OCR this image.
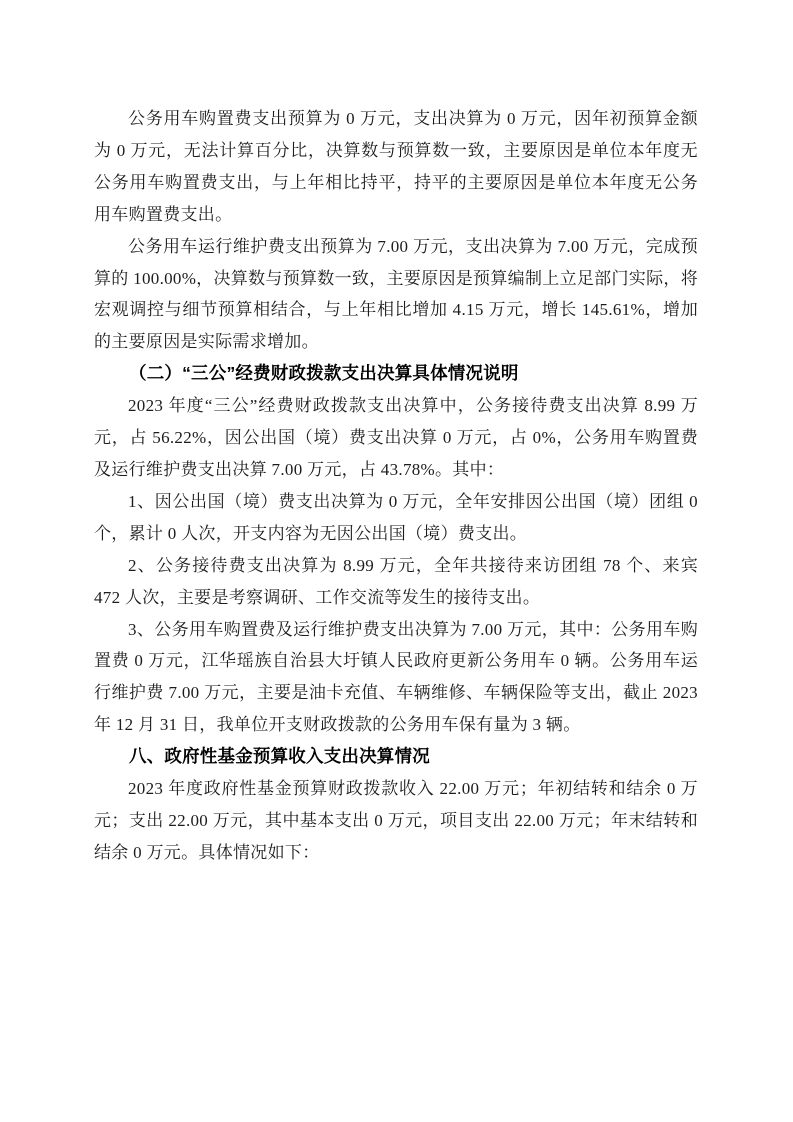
公务用车购置费支出预算为 0 万元，支出决算为 0 万元，因年初预算金额为 0 万元，无法计算百分比，决算数与预算数一致，主要原因是单位本年度无公务用车购置费支出，与上年相比持平，持平的主要原因是单位本年度无公务用车购置费支出。

公务用车运行维护费支出预算为 7.00 万元，支出决算为 7.00 万元，完成预算的 100.00%，决算数与预算数一致，主要原因是预算编制上立足部门实际，将宏观调控与细节预算相结合，与上年相比增加 4.15 万元，增长 145.61%，增加的主要原因是实际需求增加。

（二）“三公”经费财政拨款支出决算具体情况说明

2023 年度“三公”经费财政拨款支出决算中，公务接待费支出决算 8.99 万元，占 56.22%，因公出国（境）费支出决算 0 万元，占 0%，公务用车购置费及运行维护费支出决算 7.00 万元，占 43.78%。其中：

1、因公出国（境）费支出决算为 0 万元，全年安排因公出国（境）团组 0 个，累计 0 人次，开支内容为无因公出国（境）费支出。

2、公务接待费支出决算为 8.99 万元，全年共接待来访团组 78 个、来宾 472 人次，主要是考察调研、工作交流等发生的接待支出。

3、公务用车购置费及运行维护费支出决算为 7.00 万元，其中：公务用车购置费 0 万元，江华瑶族自治县大圩镇人民政府更新公务用车 0 辆。公务用车运行维护费 7.00 万元，主要是油卡充值、车辆维修、车辆保险等支出，截止 2023 年 12 月 31 日，我单位开支财政拨款的公务用车保有量为 3 辆。

八、政府性基金预算收入支出决算情况

2023 年度政府性基金预算财政拨款收入 22.00 万元；年初结转和结余 0 万元；支出 22.00 万元，其中基本支出 0 万元，项目支出 22.00 万元；年末结转和结余 0 万元。具体情况如下：
